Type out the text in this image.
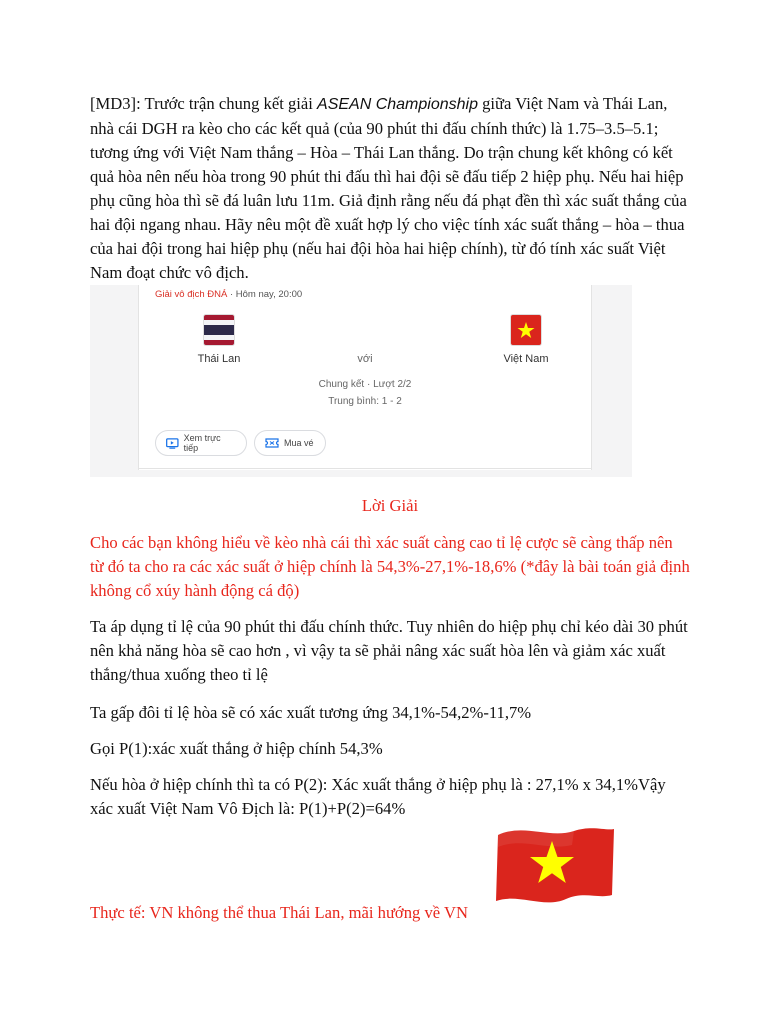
[MD3]: Trước trận chung kết giải ASEAN Championship giữa Việt Nam và Thái Lan, nhà cái DGH ra kèo cho các kết quả (của 90 phút thi đấu chính thức) là 1.75–3.5–5.1; tương ứng với Việt Nam thắng – Hòa – Thái Lan thắng. Do trận chung kết không có kết quả hòa nên nếu hòa trong 90 phút thi đấu thì hai đội sẽ đấu tiếp 2 hiệp phụ. Nếu hai hiệp phụ cũng hòa thì sẽ đá luân lưu 11m. Giả định rằng nếu đá phạt đền thì xác suất thắng của hai đội ngang nhau. Hãy nêu một đề xuất hợp lý cho việc tính xác suất thắng – hòa – thua của hai đội trong hai hiệp phụ (nếu hai đội hòa hai hiệp chính), từ đó tính xác suất Việt Nam đoạt chức vô địch.

Giải vô địch ĐNÁ · Hôm nay, 20:00
Thái Lan	với
Chung kết · Lượt 2/2
Trung bình: 1 - 2
Việt Nam
Xem trực tiếp	Mua vé

Lời Giải

Cho các bạn không hiểu về kèo nhà cái thì xác suất càng cao tỉ lệ cược sẽ càng thấp nên từ đó ta cho ra các xác suất ở hiệp chính là 54,3%-27,1%-18,6% (*đây là bài toán giả định không cổ xúy hành động cá độ)

Ta áp dụng tỉ lệ của 90 phút thi đấu chính thức. Tuy nhiên do hiệp phụ chỉ kéo dài 30 phút nên khả năng hòa sẽ cao hơn , vì vậy ta sẽ phải nâng xác suất hòa lên và giảm xác xuất thắng/thua xuống theo tỉ lệ

Ta gấp đôi tỉ lệ hòa sẽ có xác xuất tương ứng 34,1%-54,2%-11,7%

Gọi P(1):xác xuất thắng ở hiệp chính 54,3%

Nếu hòa ở hiệp chính thì ta có P(2): Xác xuất thắng ở hiệp phụ là : 27,1% x 34,1%Vậy xác xuất Việt Nam Vô Địch là: P(1)+P(2)=64%

Thực tế: VN không thể thua Thái Lan, mãi hướng về VN
